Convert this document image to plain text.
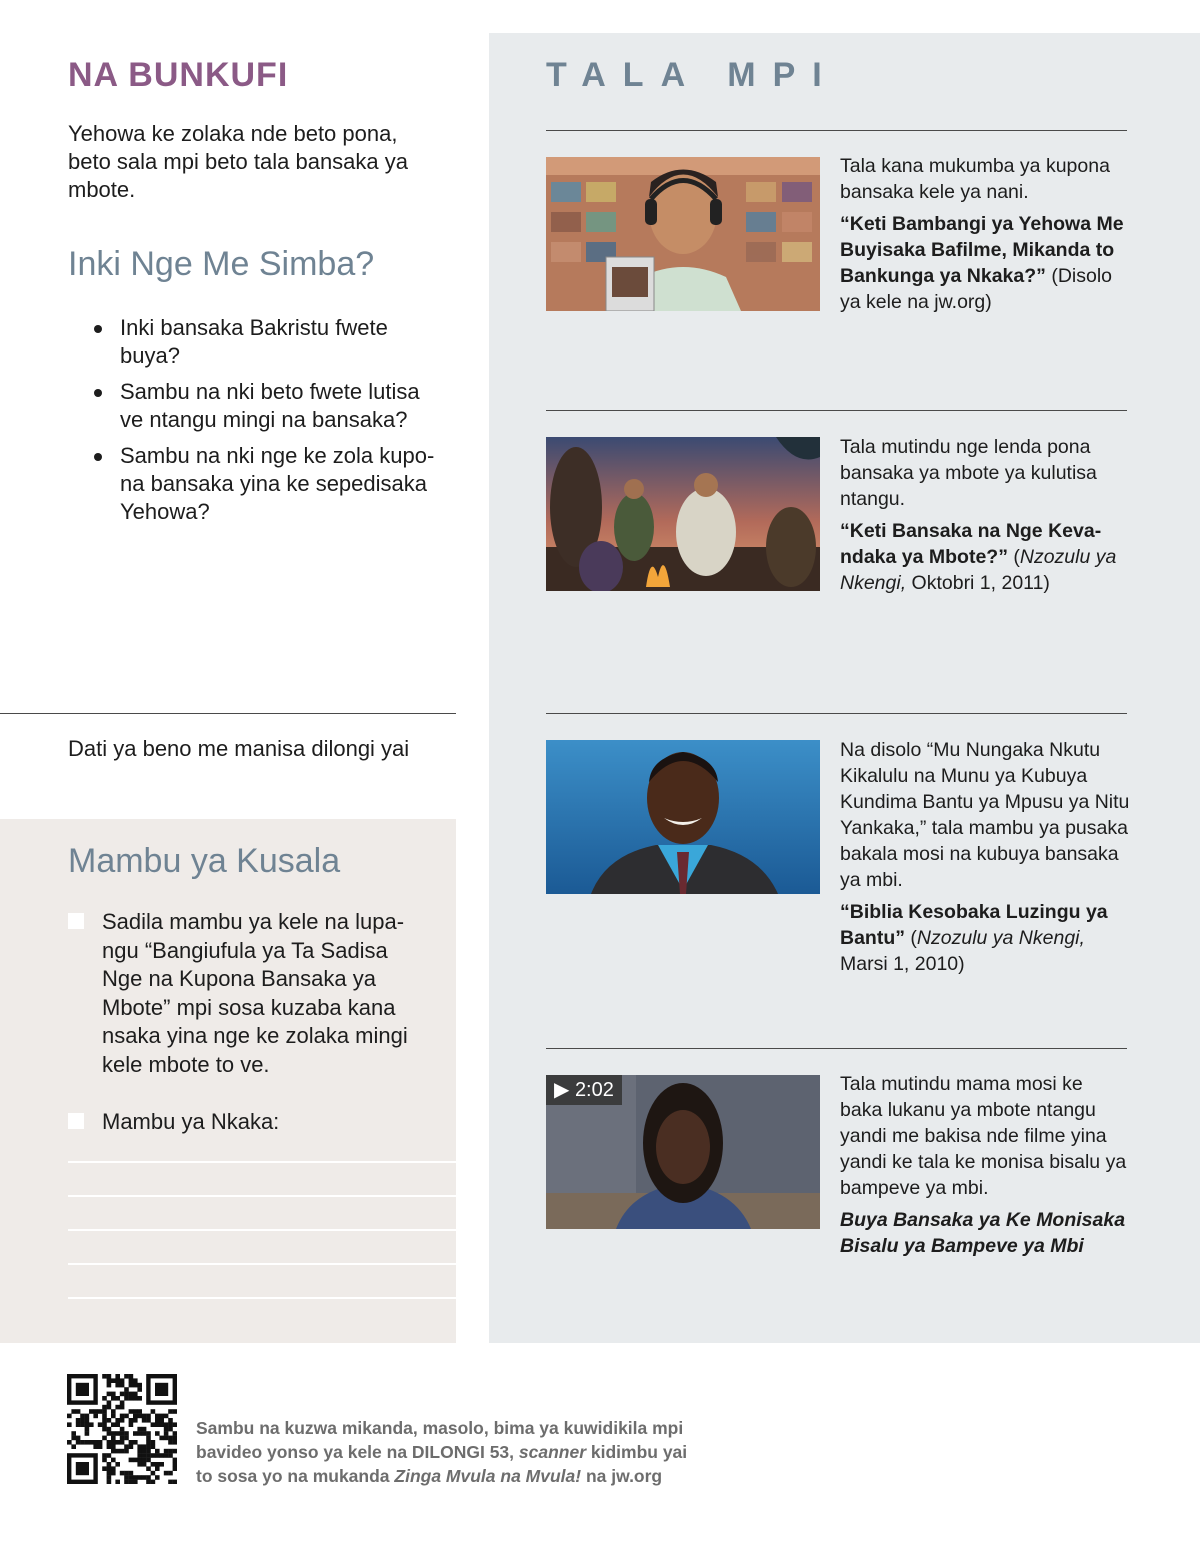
NA BUNKUFI
Yehowa ke zolaka nde beto pona, beto sala mpi beto tala bansaka ya mbote.
Inki Nge Me Simba?
Inki bansaka Bakristu fwete buya?
Sambu na nki beto fwete lutisa ve ntangu mingi na bansaka?
Sambu na nki nge ke zola kupo-na bansaka yina ke sepedisaka Yehowa?
Dati ya beno me manisa dilongi yai
Mambu ya Kusala
Sadila mambu ya kele na lupa-ngu “Bangiufula ya Ta Sadisa Nge na Kupona Bansaka ya Mbote” mpi sosa kuzaba kana nsaka yina nge ke zolaka mingi kele mbote to ve.
Mambu ya Nkaka:
TALA MPI
Tala kana mukumba ya kupona bansaka kele ya nani.
“Keti Bambangi ya Yehowa Me Buyisaka Bafilme, Mikanda to Bankunga ya Nkaka?” (Disolo ya kele na jw.org)
Tala mutindu nge lenda pona bansaka ya mbote ya kulutisa ntangu.
“Keti Bansaka na Nge Keva-ndaka ya Mbote?” (Nzozulu ya Nkengi, Oktobri 1, 2011)
Na disolo “Mu Nungaka Nkutu Kikalulu na Munu ya Kubuya Kundima Bantu ya Mpusu ya Nitu Yankaka,” tala mambu ya pusaka bakala mosi na kubuya bansaka ya mbi.
“Biblia Kesobaka Luzingu ya Bantu” (Nzozulu ya Nkengi, Marsi 1, 2010)
▶ 2:02	Tala mutindu mama mosi ke baka lukanu ya mbote ntangu yandi me bakisa nde filme yina yandi ke tala ke monisa bisalu ya bampeve ya mbi.
Buya Bansaka ya Ke Monisaka Bisalu ya Bampeve ya Mbi
Sambu na kuzwa mikanda, masolo, bima ya kuwidikila mpi
bavideo yonso ya kele na DILONGI 53, scanner kidimbu yai
to sosa yo na mukanda Zinga Mvula na Mvula! na jw.org
